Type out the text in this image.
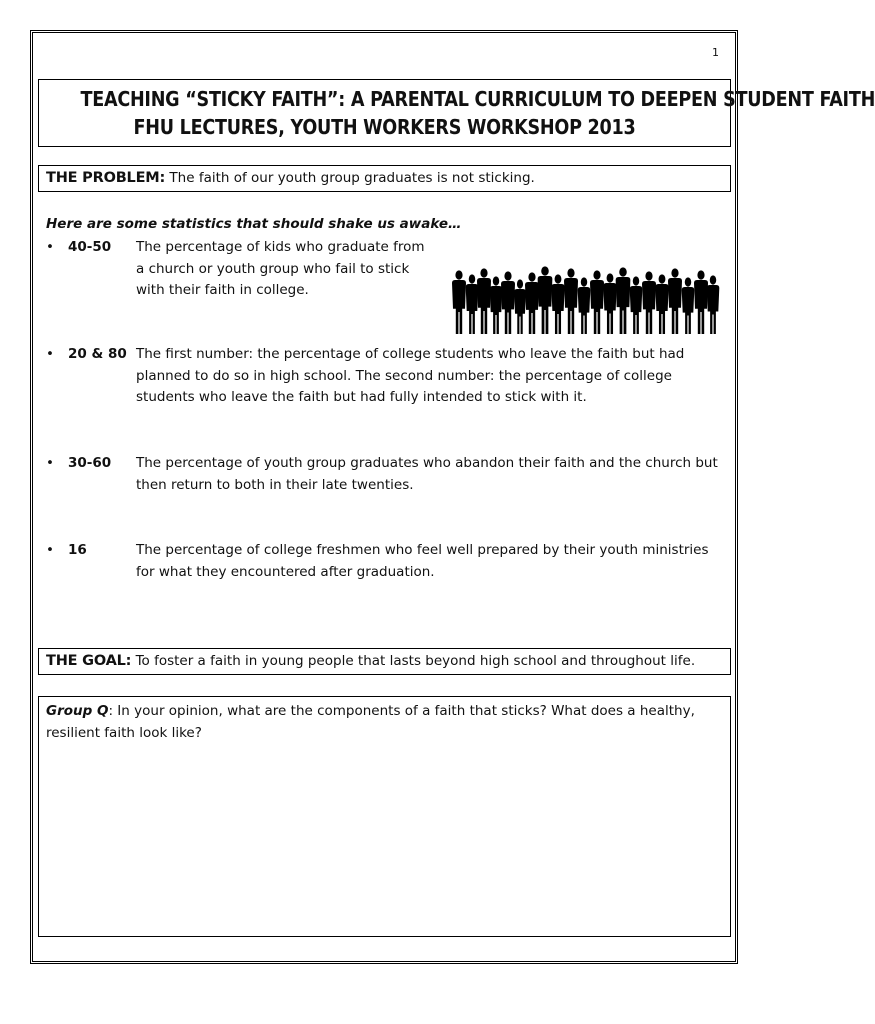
1
TEACHING “STICKY FAITH”: A PARENTAL CURRICULUM TO DEEPEN STUDENT FAITH
FHU LECTURES, YOUTH WORKERS WORKSHOP 2013
THE PROBLEM: The faith of our youth group graduates is not sticking.
Here are some statistics that should shake us awake…
• 40-50 The percentage of kids who graduate from a church or youth group who fail to stick with their faith in college.
• 20 & 80 The first number: the percentage of college students who leave the faith but had planned to do so in high school. The second number: the percentage of college students who leave the faith but had fully intended to stick with it.
• 30-60 The percentage of youth group graduates who abandon their faith and the church but then return to both in their late twenties.
• 16	The percentage of college freshmen who feel well prepared by their youth ministries for what they encountered after graduation.
THE GOAL: To foster a faith in young people that lasts beyond high school and throughout life.
Group Q: In your opinion, what are the components of a faith that sticks? What does a healthy, resilient faith look like?
